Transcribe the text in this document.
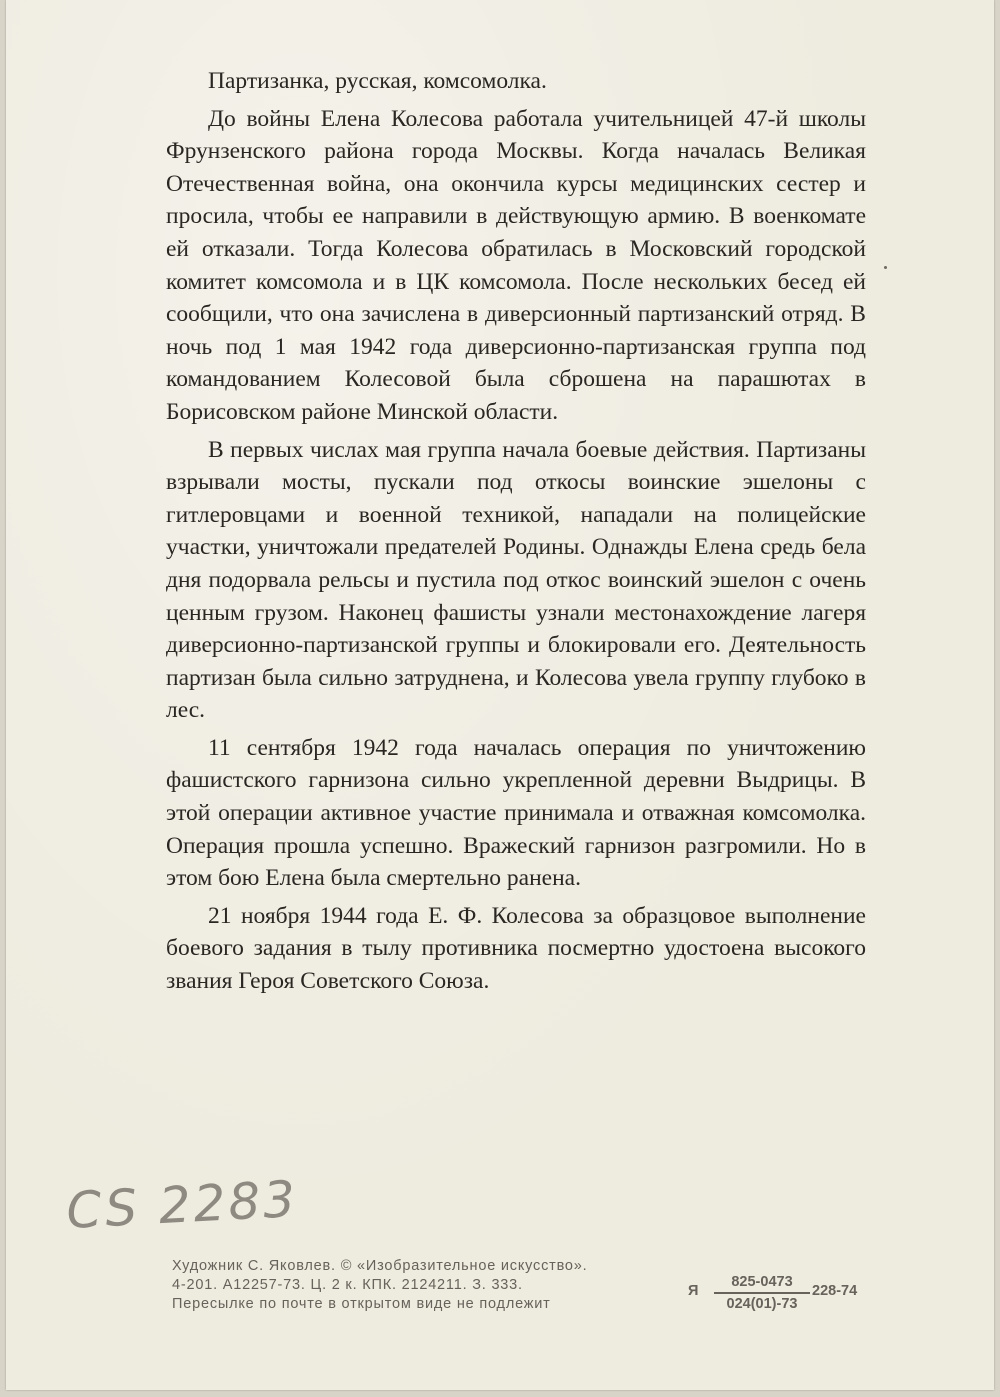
Партизанка, русская, комсомолка.

До войны Елена Колесова работала учительницей 47-й школы Фрунзенского района города Москвы. Когда началась Великая Отечественная война, она окончила курсы медицинских сестер и просила, чтобы ее направили в действующую армию. В военкомате ей отказали. Тогда Колесова обратилась в Московский городской комитет комсомола и в ЦК комсомола. После нескольких бесед ей сообщили, что она зачислена в диверсионный партизанский отряд. В ночь под 1 мая 1942 года диверсионно-партизанская группа под командованием Колесовой была сброшена на парашютах в Борисовском районе Минской области.

В первых числах мая группа начала боевые действия. Партизаны взрывали мосты, пускали под откосы воинские эшелоны с гитлеровцами и военной техникой, нападали на полицейские участки, уничтожали предателей Родины. Однажды Елена средь бела дня подорвала рельсы и пустила под откос воинский эшелон с очень ценным грузом. Наконец фашисты узнали местонахождение лагеря диверсионно-партизанской группы и блокировали его. Деятельность партизан была сильно затруднена, и Колесова увела группу глубоко в лес.

11 сентября 1942 года началась операция по уничтожению фашистского гарнизона сильно укрепленной деревни Выдрицы. В этой операции активное участие принимала и отважная комсомолка. Операция прошла успешно. Вражеский гарнизон разгромили. Но в этом бою Елена была смертельно ранена.

21 ноября 1944 года Е. Ф. Колесова за образцовое выполнение боевого задания в тылу противника посмертно удостоена высокого звания Героя Советского Союза.

CS 2283
Художник С. Яковлев. © «Изобразительное искусство».
4-201. А12257-73. Ц. 2 к. КПК. 2124211. З. 333.
Пересылке по почте в открытом виде не подлежит
Я
825-0473
024(01)-73
228-74
